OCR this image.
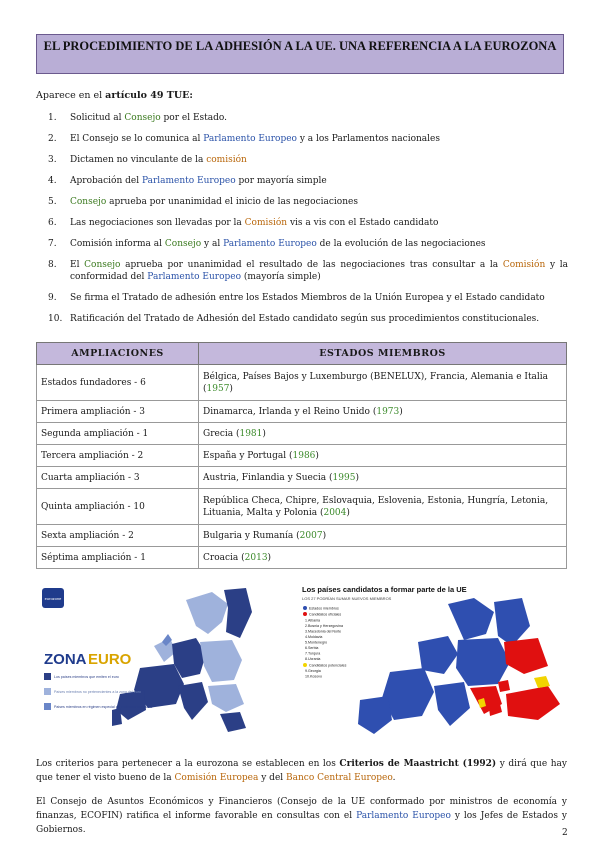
EL PROCEDIMIENTO DE LA ADHESIÓN A LA UE. UNA REFERENCIA A LA EUROZONA
Aparece en el artículo 49 TUE:
1.	Solicitud al Consejo por el Estado.
2.	El Consejo se lo comunica al Parlamento Europeo y a los Parlamentos nacionales
3.	Dictamen no vinculante de la comisión
4.	Aprobación del Parlamento Europeo por mayoría simple
5.	Consejo aprueba por unanimidad el inicio de las negociaciones
6.	Las negociaciones son llevadas por la Comisión vis a vis con el Estado candidato
7.	Comisión informa al Consejo y al Parlamento Europeo de la evolución de las negociaciones
8.	El Consejo aprueba por unanimidad el resultado de las negociaciones tras consultar a la Comisión y la conformidad del Parlamento Europeo (mayoría simple)
9.	Se firma el Tratado de adhesión entre los Estados Miembros de la Unión Europea y el Estado candidato
10. Ratificación del Tratado de Adhesión del Estado candidato según sus procedimientos constitucionales.
AMPLIACIONES	ESTADOS MIEMBROS
Estados fundadores - 6	Bélgica, Países Bajos y Luxemburgo (BENELUX), Francia, Alemania e Italia (1957)
Primera ampliación - 3	Dinamarca, Irlanda y el Reino Unido (1973)
Segunda ampliación - 1	Grecia (1981)
Tercera ampliación - 2	España y Portugal (1986)
Cuarta ampliación - 3	Austria, Finlandia y Suecia (1995)
Quinta ampliación - 10	República Checa, Chipre, Eslovaquia, Eslovenia, Estonia, Hungría, Letonia, Lituania, Malta y Polonia (2004)
Sexta ampliación - 2	Bulgaria y Rumanía (2007)
Séptima ampliación - 1	Croacia (2013)
eurozone
ZONA EURO
Los países miembros que emiten el euro
Países miembros no pertenecientes a la zona del euro
Paises miembros en régimen especial de exclusión voluntaria
Los países candidatos a formar parte de la UE
LOS 27 PODRÍAN SUMAR NUEVOS MIEMBROS
Estados miembros
Candidatos oficiales
1.Albania
2.Bosnia y Herzegovina
3.Macedonia del Norte
4.Moldavia
5.Montenegro
6.Serbia
7.Turquía
8.Ucrania
Candidatos potenciales
9.Georgia
10.Kosovo
Los criterios para pertenecer a la eurozona se establecen en los Criterios de Maastricht (1992) y dirá que hay que tener el visto bueno de la Comisión Europea y del Banco Central Europeo.
El Consejo de Asuntos Económicos y Financieros (Consejo de la UE conformado por ministros de economía y finanzas, ECOFIN) ratifica el informe favorable en consultas con el Parlamento Europeo y los Jefes de Estados y Gobiernos.	2
